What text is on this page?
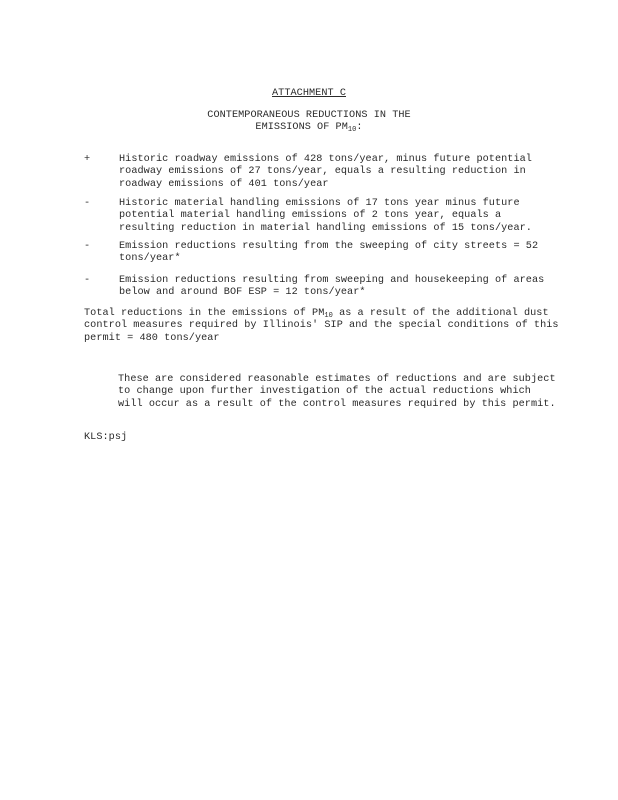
ATTACHMENT C
CONTEMPORANEOUS REDUCTIONS IN THE
EMISSIONS OF $PM_{10}$:
+	Historic roadway emissions of 428 tons/year, minus future potential
roadway emissions of 27 tons/year, equals a resulting reduction in
roadway emissions of 401 tons/year
-	Historic material handling emissions of 17 tons year minus future
potential material handling emissions of 2 tons year, equals a
resulting reduction in material handling emissions of 15 tons/year.
-	Emission reductions resulting from the sweeping of city streets = 52
tons/year*
-	Emission reductions resulting from sweeping and housekeeping of areas
below and around BOF ESP = 12 tons/year*
Total reductions in the emissions of $PM_{10}$ as a result of the additional dust
control measures required by Illinois' SIP and the special conditions of this
permit = 480 tons/year
These are considered reasonable estimates of reductions and are subject
to change upon further investigation of the actual reductions which
will occur as a result of the control measures required by this permit.
KLS:psj
